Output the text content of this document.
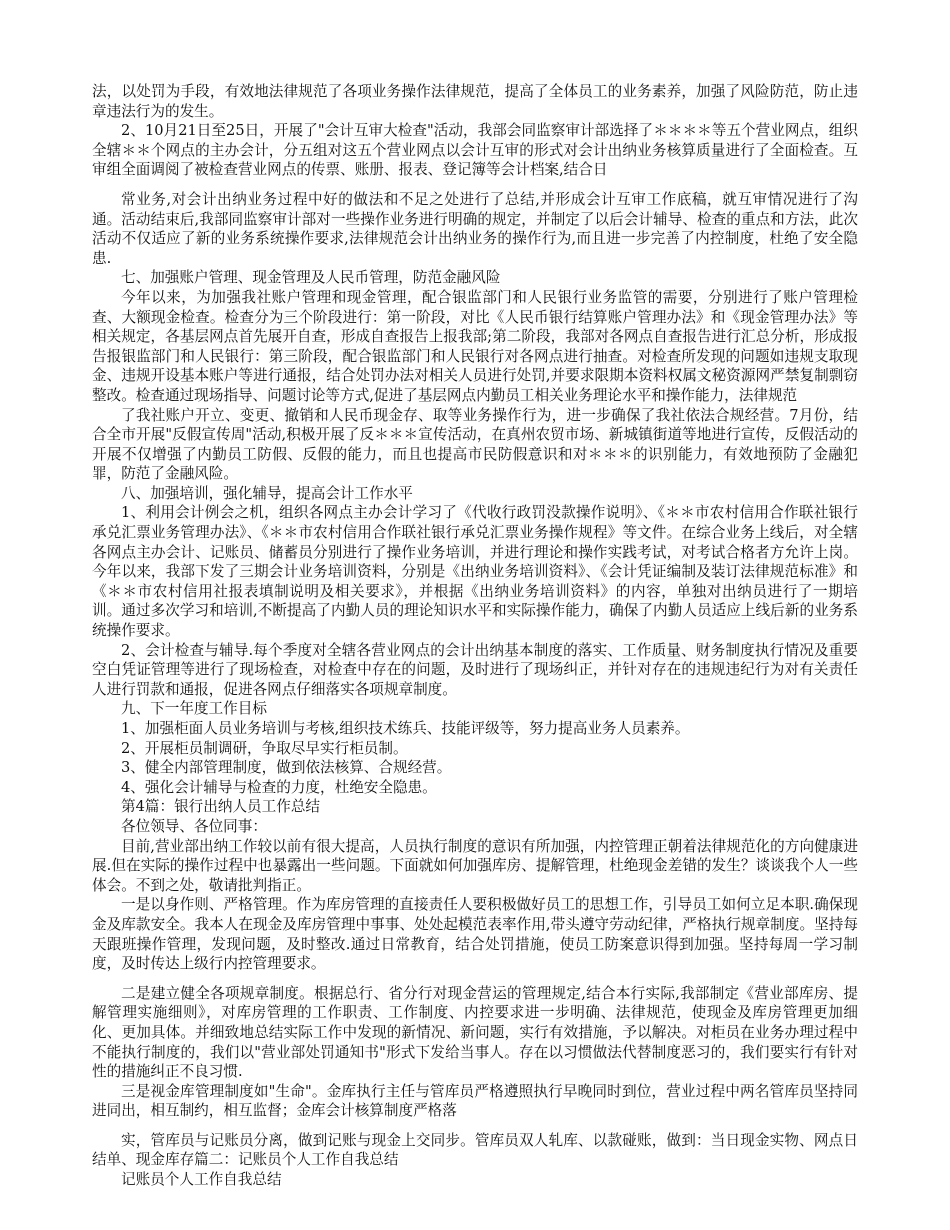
法，以处罚为手段，有效地法律规范了各项业务操作法律规范，提高了全体员工的业务素养，加强了风险防范，防止违章违法行为的发生。

2、10月21日至25日，开展了"会计互审大检查"活动，我部会同监察审计部选择了＊＊＊＊等五个营业网点，组织全辖＊＊个网点的主办会计，分五组对这五个营业网点以会计互审的形式对会计出纳业务核算质量进行了全面检查。互审组全面调阅了被检查营业网点的传票、账册、报表、登记簿等会计档案,结合日

常业务,对会计出纳业务过程中好的做法和不足之处进行了总结,并形成会计互审工作底稿，就互审情况进行了沟通。活动结束后,我部同监察审计部对一些操作业务进行明确的规定，并制定了以后会计辅导、检查的重点和方法，此次活动不仅适应了新的业务系统操作要求,法律规范会计出纳业务的操作行为,而且进一步完善了内控制度，杜绝了安全隐患.

七、加强账户管理、现金管理及人民币管理，防范金融风险

今年以来，为加强我社账户管理和现金管理，配合银监部门和人民银行业务监管的需要，分别进行了账户管理检查、大额现金检查。检查分为三个阶段进行：第一阶段，对比《人民币银行结算账户管理办法》和《现金管理办法》等相关规定，各基层网点首先展开自查，形成自查报告上报我部;第二阶段，我部对各网点自查报告进行汇总分析，形成报告报银监部门和人民银行：第三阶段，配合银监部门和人民银行对各网点进行抽查。对检查所发现的问题如违规支取现金、违规开设基本账户等进行通报，结合处罚办法对相关人员进行处罚,并要求限期本资料权属文秘资源网严禁复制剽窃整改。检查通过现场指导、问题讨论等方式,促进了基层网点内勤员工相关业务理论水平和操作能力，法律规范

了我社账户开立、变更、撤销和人民币现金存、取等业务操作行为，进一步确保了我社依法合规经营。7月份，结合全市开展"反假宣传周"活动,积极开展了反＊＊＊宣传活动，在真州农贸市场、新城镇街道等地进行宣传，反假活动的开展不仅增强了内勤员工防假、反假的能力，而且也提高市民防假意识和对＊＊＊的识别能力，有效地预防了金融犯罪，防范了金融风险。

八、加强培训，强化辅导，提高会计工作水平

1、利用会计例会之机，组织各网点主办会计学习了《代收行政罚没款操作说明》、《＊＊市农村信用合作联社银行承兑汇票业务管理办法》、《＊＊市农村信用合作联社银行承兑汇票业务操作规程》等文件。在综合业务上线后，对全辖各网点主办会计、记账员、储蓄员分别进行了操作业务培训，并进行理论和操作实践考试，对考试合格者方允许上岗。今年以来，我部下发了三期会计业务培训资料，分别是《出纳业务培训资料》、《会计凭证编制及装订法律规范标准》和《＊＊市农村信用社报表填制说明及相关要求》，并根据《出纳业务培训资料》的内容，单独对出纳员进行了一期培训。通过多次学习和培训,不断提高了内勤人员的理论知识水平和实际操作能力，确保了内勤人员适应上线后新的业务系统操作要求。

2、会计检查与辅导.每个季度对全辖各营业网点的会计出纳基本制度的落实、工作质量、财务制度执行情况及重要空白凭证管理等进行了现场检查，对检查中存在的问题，及时进行了现场纠正，并针对存在的违规违纪行为对有关责任人进行罚款和通报，促进各网点仔细落实各项规章制度。

九、下一年度工作目标

1、加强柜面人员业务培训与考核,组织技术练兵、技能评级等，努力提高业务人员素养。

2、开展柜员制调研，争取尽早实行柜员制。

3、健全内部管理制度，做到依法核算、合规经营。

4、强化会计辅导与检查的力度，杜绝安全隐患。

第4篇：银行出纳人员工作总结

各位领导、各位同事：

目前,营业部出纳工作较以前有很大提高，人员执行制度的意识有所加强，内控管理正朝着法律规范化的方向健康进展.但在实际的操作过程中也暴露出一些问题。下面就如何加强库房、提解管理，杜绝现金差错的发生？谈谈我个人一些体会。不到之处，敬请批判指正。

一是以身作则、严格管理。作为库房管理的直接责任人要积极做好员工的思想工作，引导员工如何立足本职.确保现金及库款安全。我本人在现金及库房管理中事事、处处起模范表率作用,带头遵守劳动纪律，严格执行规章制度。坚持每天跟班操作管理，发现问题，及时整改.通过日常教育，结合处罚措施，使员工防案意识得到加强。坚持每周一学习制度，及时传达上级行内控管理要求。

二是建立健全各项规章制度。根据总行、省分行对现金营运的管理规定,结合本行实际,我部制定《营业部库房、提解管理实施细则》，对库房管理的工作职责、工作制度、内控要求进一步明确、法律规范，使现金及库房管理更加细化、更加具体。并细致地总结实际工作中发现的新情况、新问题，实行有效措施，予以解决。对柜员在业务办理过程中不能执行制度的，我们以"营业部处罚通知书"形式下发给当事人。存在以习惯做法代替制度恶习的，我们要实行有针对性的措施纠正不良习惯.

三是视金库管理制度如"生命"。金库执行主任与管库员严格遵照执行早晚同时到位，营业过程中两名管库员坚持同进同出，相互制约，相互监督；金库会计核算制度严格落

实，管库员与记账员分离，做到记账与现金上交同步。管库员双人轧库、以款碰账，做到：当日现金实物、网点日结单、现金库存篇二：记账员个人工作自我总结

记账员个人工作自我总结
